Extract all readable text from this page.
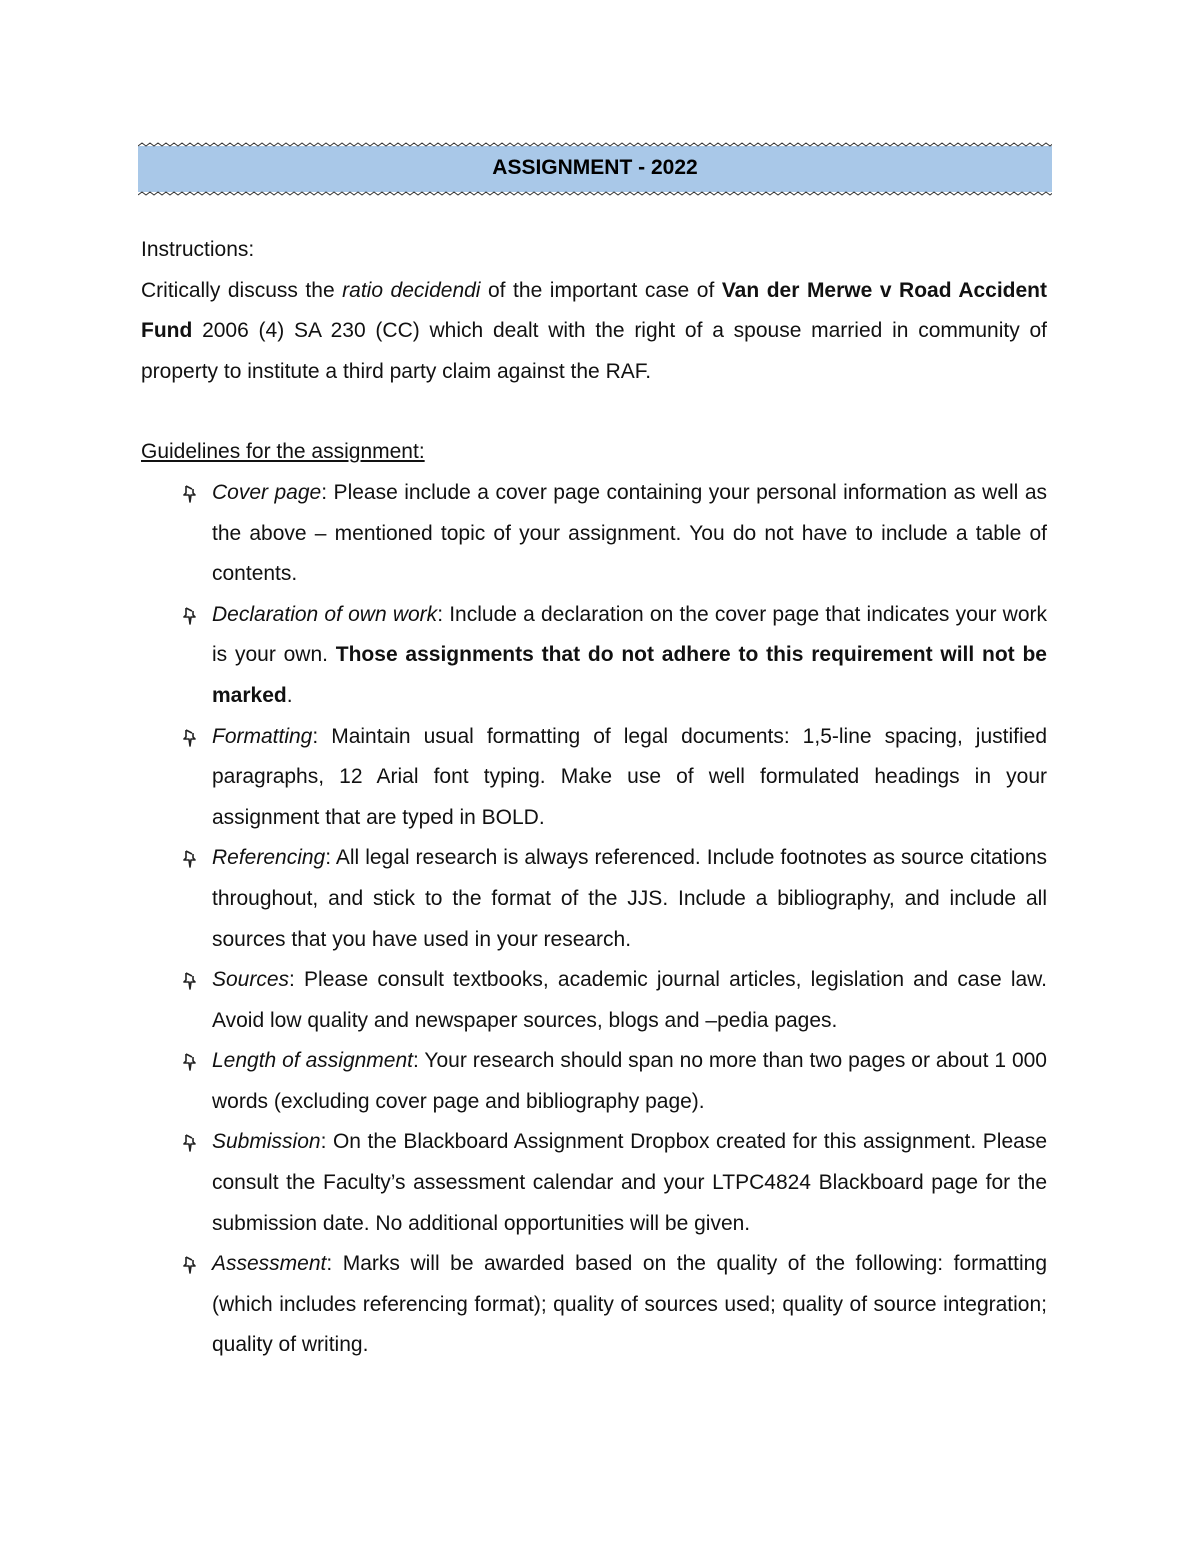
ASSIGNMENT - 2022

Instructions:

Critically discuss the ratio decidendi of the important case of Van der Merwe v Road Accident Fund 2006 (4) SA 230 (CC) which dealt with the right of a spouse married in community of property to institute a third party claim against the RAF.

Guidelines for the assignment:

Cover page: Please include a cover page containing your personal information as well as the above – mentioned topic of your assignment. You do not have to include a table of contents.
Declaration of own work: Include a declaration on the cover page that indicates your work is your own. Those assignments that do not adhere to this requirement will not be marked.
Formatting: Maintain usual formatting of legal documents: 1,5-line spacing, justified paragraphs, 12 Arial font typing. Make use of well formulated headings in your assignment that are typed in BOLD.
Referencing: All legal research is always referenced. Include footnotes as source citations throughout, and stick to the format of the JJS. Include a bibliography, and include all sources that you have used in your research.
Sources: Please consult textbooks, academic journal articles, legislation and case law. Avoid low quality and newspaper sources, blogs and –pedia pages.
Length of assignment: Your research should span no more than two pages or about 1 000 words (excluding cover page and bibliography page).
Submission: On the Blackboard Assignment Dropbox created for this assignment. Please consult the Faculty’s assessment calendar and your LTPC4824 Blackboard page for the submission date. No additional opportunities will be given.
Assessment: Marks will be awarded based on the quality of the following: formatting (which includes referencing format); quality of sources used; quality of source integration; quality of writing.
